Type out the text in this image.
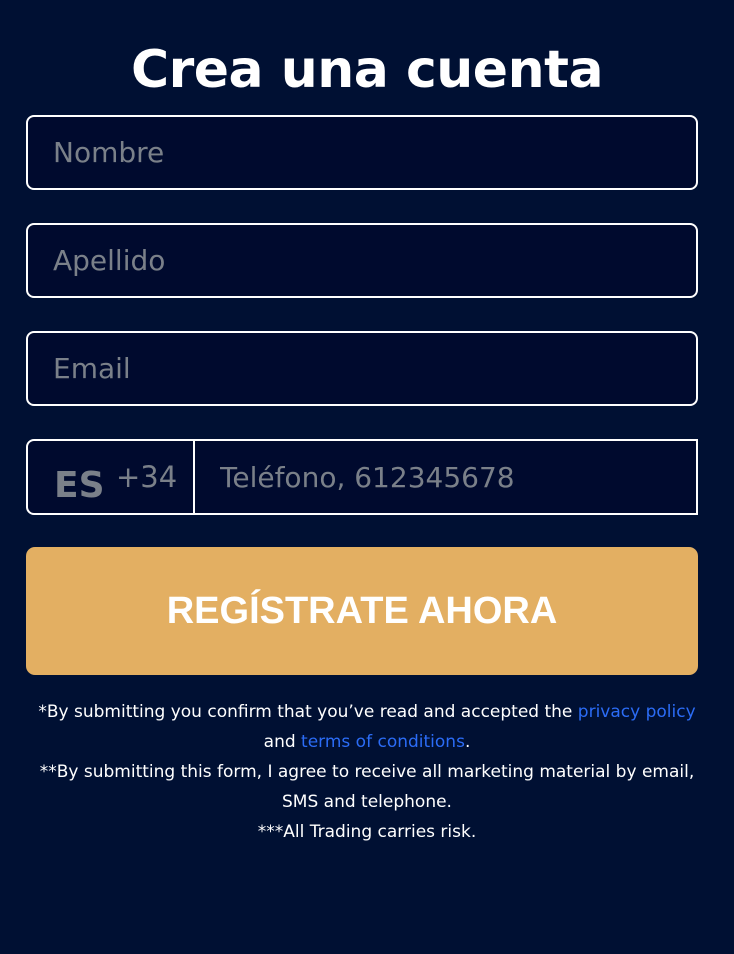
Crea una cuenta
Nombre
Apellido
Email
ES +34
Teléfono, 612345678
REGÍSTRATE AHORA
*By submitting you confirm that you’ve read and accepted the privacy policy and terms of conditions.
**By submitting this form, I agree to receive all marketing material by email, SMS and telephone.
***All Trading carries risk.
